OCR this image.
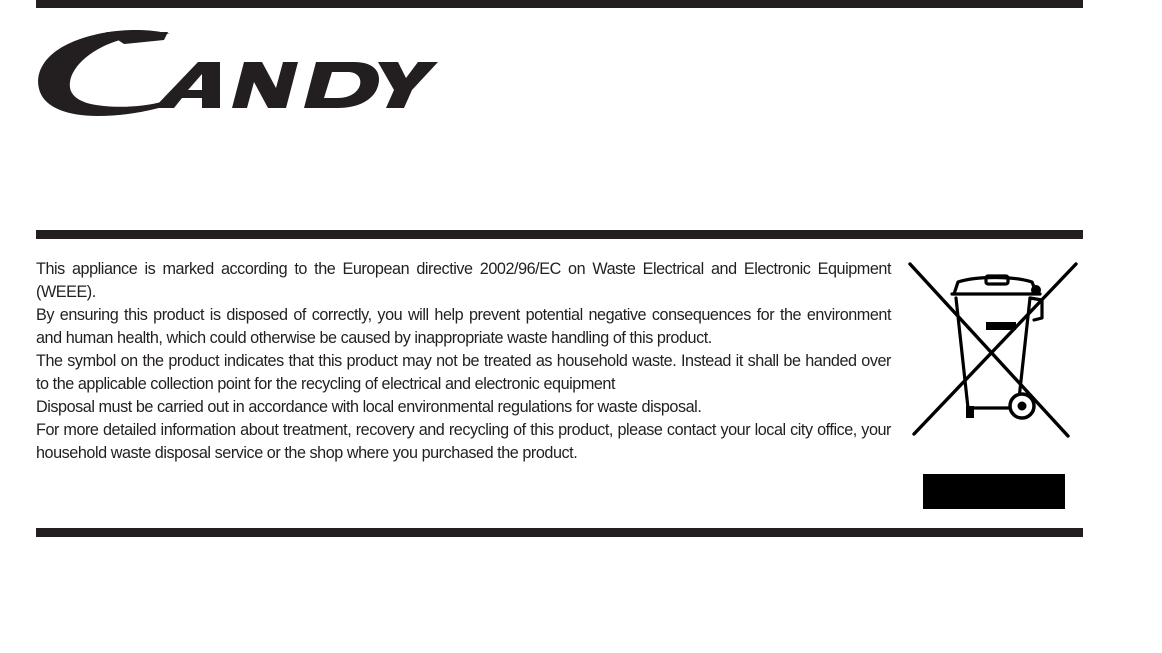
This appliance is marked according to the European directive 2002/96/EC on Waste Electrical and Electronic Equipment (WEEE).

By ensuring this product is disposed of correctly, you will help prevent potential negative consequences for the environment and human health, which could otherwise be caused by inappropriate waste handling of this product.

The symbol on the product indicates that this product may not be treated as household waste. Instead it shall be handed over to the applicable collection point for the recycling of electrical and electronic equipment

Disposal must be carried out in accordance with local environmental regulations for waste disposal.

For more detailed information about treatment, recovery and recycling of this product, please contact your local city office, your household waste disposal service or the shop where you purchased the product.
